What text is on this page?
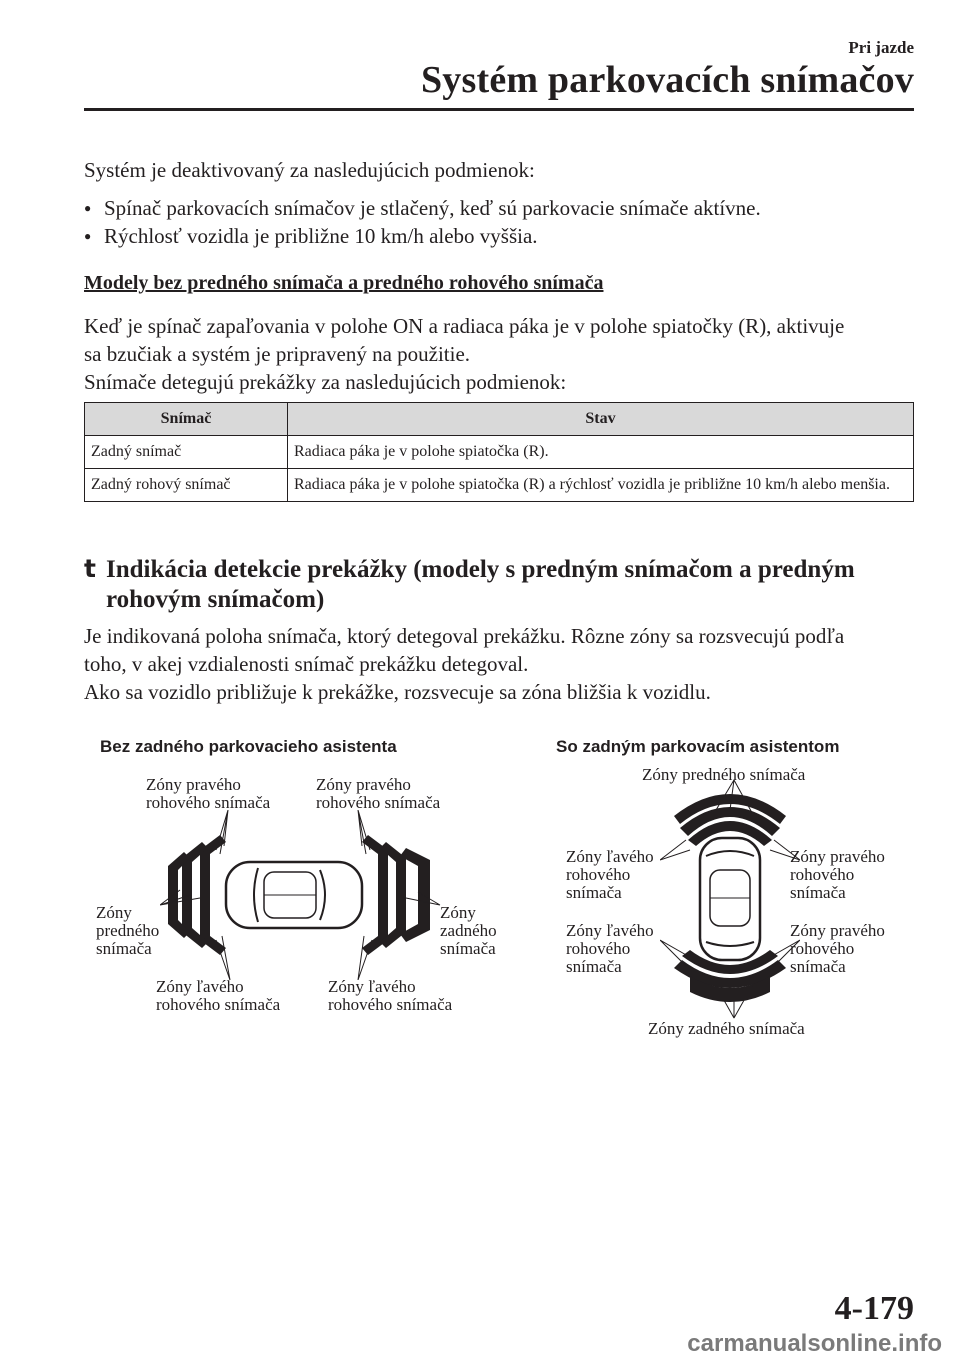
Pri jazde
Systém parkovacích snímačov
Systém je deaktivovaný za nasledujúcich podmienok:
● Spínač parkovacích snímačov je stlačený, keď sú parkovacie snímače aktívne.
● Rýchlosť vozidla je približne 10 km/h alebo vyššia.
Modely bez predného snímača a predného rohového snímača
Keď je spínač zapaľovania v polohe ON a radiaca páka je v polohe spiatočky (R), aktivuje
sa bzučiak a systém je pripravený na použitie.
Snímače detegujú prekážky za nasledujúcich podmienok:
Snímač	Stav
Zadný snímač	Radiaca páka je v polohe spiatočka (R).
Zadný rohový snímač	Radiaca páka je v polohe spiatočka (R) a rýchlosť vozidla je približne 10 km/h alebo menšia.
t Indikácia detekcie prekážky (modely s predným snímačom a predným
rohovým snímačom)
Je indikovaná poloha snímača, ktorý detegoval prekážku. Rôzne zóny sa rozsvecujú podľa
toho, v akej vzdialenosti snímač prekážku detegoval.
Ako sa vozidlo približuje k prekážke, rozsvecuje sa zóna bližšia k vozidlu.
Bez zadného parkovacieho asistenta
Zóny pravého
rohového snímača
Zóny pravého
rohového snímača
Zóny
predného
snímača
Zóny
zadného
snímača
Zóny ľavého
rohového snímača
Zóny ľavého
rohového snímača
So zadným parkovacím asistentom
Zóny predného snímača
Zóny ľavého
rohového
snímača
Zóny pravého
rohového
snímača
Zóny ľavého
rohového
snímača
Zóny pravého
rohového
snímača
Zóny zadného snímača
4-179
carmanualsonline.info
